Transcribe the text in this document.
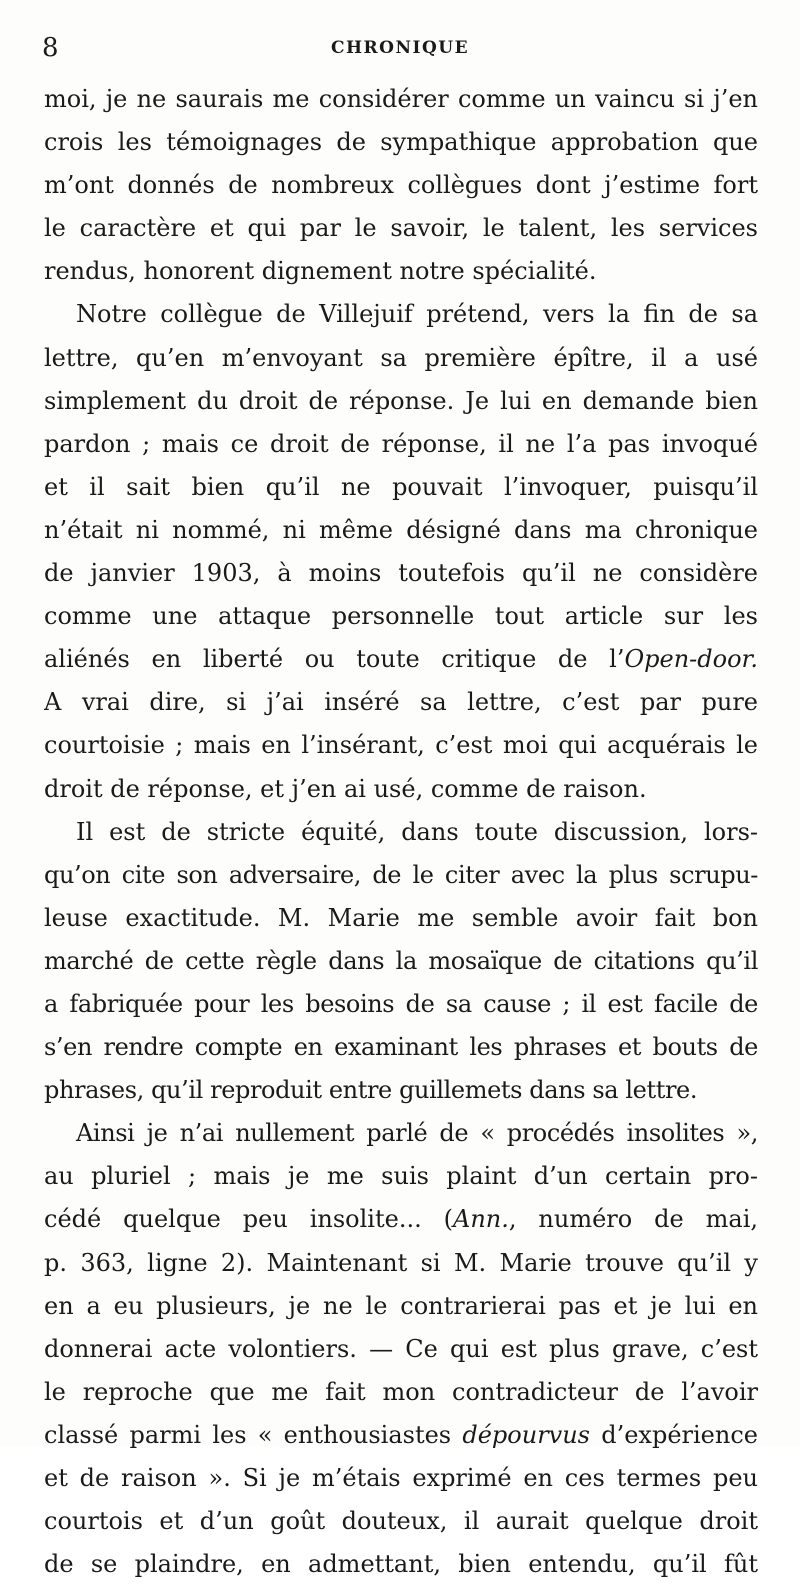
8	CHRONIQUE
moi, je ne saurais me considérer comme un vaincu si j’en
crois les témoignages de sympathique approbation que
m’ont donnés de nombreux collègues dont j’estime fort
le caractère et qui par le savoir, le talent, les services
rendus, honorent dignement notre spécialité.
Notre collègue de Villejuif prétend, vers la fin de sa
lettre, qu’en m’envoyant sa première épître, il a usé
simplement du droit de réponse. Je lui en demande bien
pardon ; mais ce droit de réponse, il ne l’a pas invoqué
et il sait bien qu’il ne pouvait l’invoquer, puisqu’il
n’était ni nommé, ni même désigné dans ma chronique
de janvier 1903, à moins toutefois qu’il ne considère
comme une attaque personnelle tout article sur les
aliénés en liberté ou toute critique de l’Open-door.
A vrai dire, si j’ai inséré sa lettre, c’est par pure
courtoisie ; mais en l’insérant, c’est moi qui acquérais le
droit de réponse, et j’en ai usé, comme de raison.
Il est de stricte équité, dans toute discussion, lors-
qu’on cite son adversaire, de le citer avec la plus scrupu-
leuse exactitude. M. Marie me semble avoir fait bon
marché de cette règle dans la mosaïque de citations qu’il
a fabriquée pour les besoins de sa cause ; il est facile de
s’en rendre compte en examinant les phrases et bouts de
phrases, qu’il reproduit entre guillemets dans sa lettre.
Ainsi je n’ai nullement parlé de « procédés insolites »,
au pluriel ; mais je me suis plaint d’un certain pro-
cédé quelque peu insolite... (Ann., numéro de mai,
p. 363, ligne 2). Maintenant si M. Marie trouve qu’il y
en a eu plusieurs, je ne le contrarierai pas et je lui en
donnerai acte volontiers. — Ce qui est plus grave, c’est
le reproche que me fait mon contradicteur de l’avoir
classé parmi les « enthousiastes dépourvus d’expérience
et de raison ». Si je m’étais exprimé en ces termes peu
courtois et d’un goût douteux, il aurait quelque droit
de se plaindre, en admettant, bien entendu, qu’il fût
